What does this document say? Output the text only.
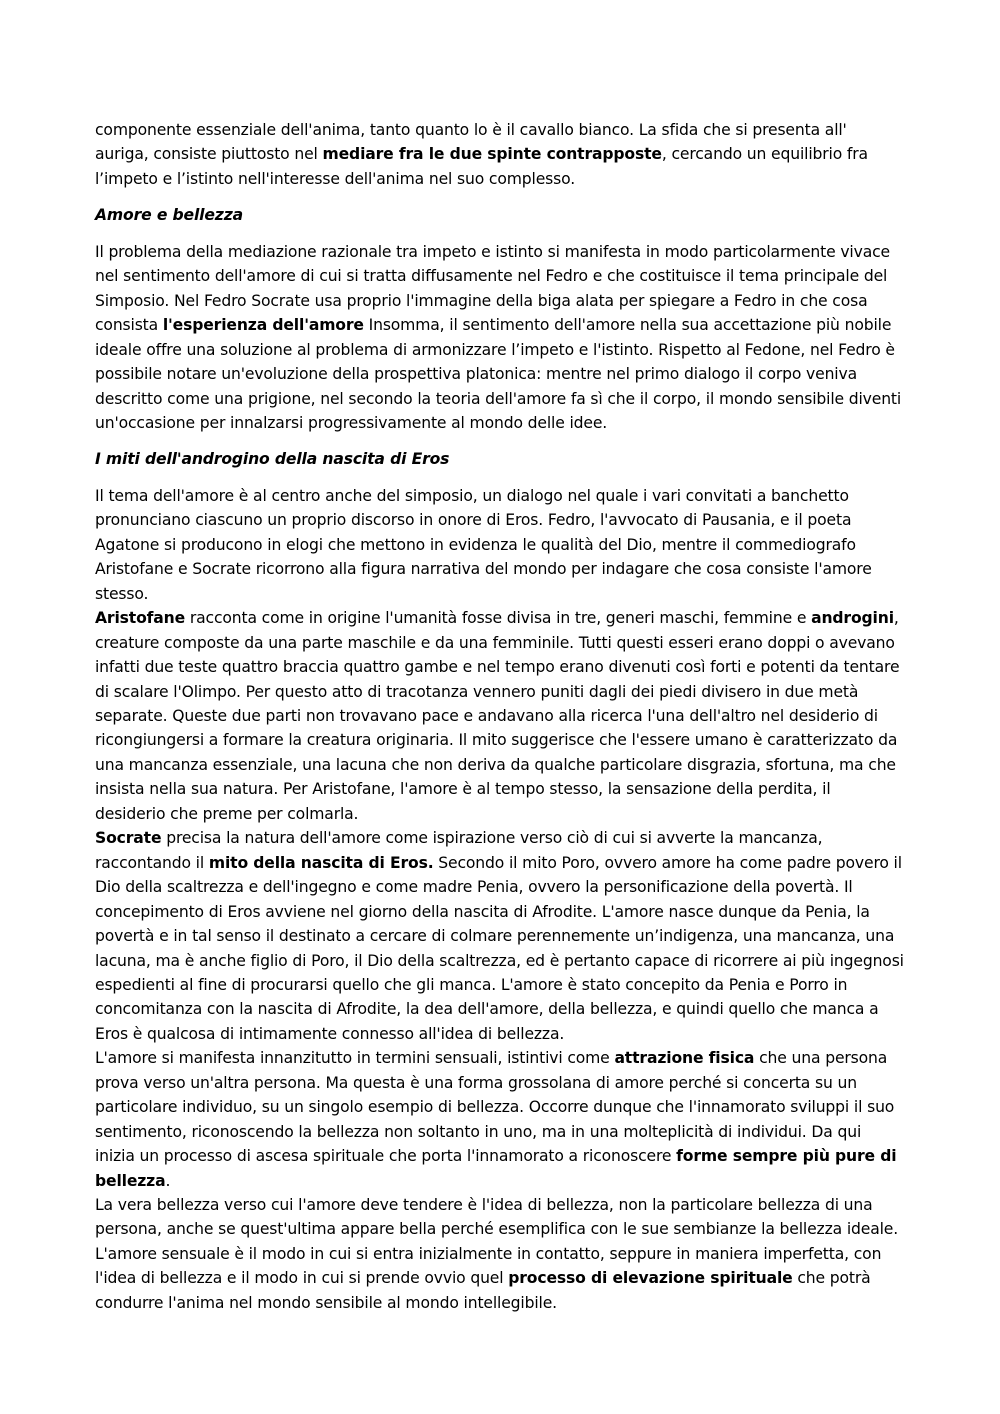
componente essenziale dell'anima, tanto quanto lo è il cavallo bianco. La sfida che si presenta all' auriga, consiste piuttosto nel mediare fra le due spinte contrapposte, cercando un equilibrio fra l’impeto e l’istinto nell'interesse dell'anima nel suo complesso.

Amore e bellezza

Il problema della mediazione razionale tra impeto e istinto si manifesta in modo particolarmente vivace nel sentimento dell'amore di cui si tratta diffusamente nel Fedro e che costituisce il tema principale del Simposio. Nel Fedro Socrate usa proprio l'immagine della biga alata per spiegare a Fedro in che cosa consista l'esperienza dell'amore Insomma, il sentimento dell'amore nella sua accettazione più nobile ideale offre una soluzione al problema di armonizzare l’impeto e l'istinto. Rispetto al Fedone, nel Fedro è possibile notare un'evoluzione della prospettiva platonica: mentre nel primo dialogo il corpo veniva descritto come una prigione, nel secondo la teoria dell'amore fa sì che il corpo, il mondo sensibile diventi un'occasione per innalzarsi progressivamente al mondo delle idee.

I miti dell'androgino della nascita di Eros

Il tema dell'amore è al centro anche del simposio, un dialogo nel quale i vari convitati a banchetto pronunciano ciascuno un proprio discorso in onore di Eros. Fedro, l'avvocato di Pausania, e il poeta Agatone si producono in elogi che mettono in evidenza le qualità del Dio, mentre il commediografo Aristofane e Socrate ricorrono alla figura narrativa del mondo per indagare che cosa consiste l'amore stesso.

Aristofane racconta come in origine l'umanità fosse divisa in tre, generi maschi, femmine e androgini, creature composte da una parte maschile e da una femminile. Tutti questi esseri erano doppi o avevano infatti due teste quattro braccia quattro gambe e nel tempo erano divenuti così forti e potenti da tentare di scalare l'Olimpo. Per questo atto di tracotanza vennero puniti dagli dei piedi divisero in due metà separate. Queste due parti non trovavano pace e andavano alla ricerca l'una dell'altro nel desiderio di ricongiungersi a formare la creatura originaria. Il mito suggerisce che l'essere umano è caratterizzato da una mancanza essenziale, una lacuna che non deriva da qualche particolare disgrazia, sfortuna, ma che insista nella sua natura. Per Aristofane, l'amore è al tempo stesso, la sensazione della perdita, il desiderio che preme per colmarla.

Socrate precisa la natura dell'amore come ispirazione verso ciò di cui si avverte la mancanza, raccontando il mito della nascita di Eros. Secondo il mito Poro, ovvero amore ha come padre povero il Dio della scaltrezza e dell'ingegno e come madre Penia, ovvero la personificazione della povertà. Il concepimento di Eros avviene nel giorno della nascita di Afrodite. L'amore nasce dunque da Penia, la povertà e in tal senso il destinato a cercare di colmare perennemente un’indigenza, una mancanza, una lacuna, ma è anche figlio di Poro, il Dio della scaltrezza, ed è pertanto capace di ricorrere ai più ingegnosi espedienti al fine di procurarsi quello che gli manca. L'amore è stato concepito da Penia e Porro in concomitanza con la nascita di Afrodite, la dea dell'amore, della bellezza, e quindi quello che manca a Eros è qualcosa di intimamente connesso all'idea di bellezza.

L'amore si manifesta innanzitutto in termini sensuali, istintivi come attrazione fisica che una persona prova verso un'altra persona. Ma questa è una forma grossolana di amore perché si concerta su un particolare individuo, su un singolo esempio di bellezza. Occorre dunque che l'innamorato sviluppi il suo sentimento, riconoscendo la bellezza non soltanto in uno, ma in una molteplicità di individui. Da qui inizia un processo di ascesa spirituale che porta l'innamorato a riconoscere forme sempre più pure di bellezza.

La vera bellezza verso cui l'amore deve tendere è l'idea di bellezza, non la particolare bellezza di una persona, anche se quest'ultima appare bella perché esemplifica con le sue sembianze la bellezza ideale.

L'amore sensuale è il modo in cui si entra inizialmente in contatto, seppure in maniera imperfetta, con l'idea di bellezza e il modo in cui si prende ovvio quel processo di elevazione spirituale che potrà condurre l'anima nel mondo sensibile al mondo intellegibile.
